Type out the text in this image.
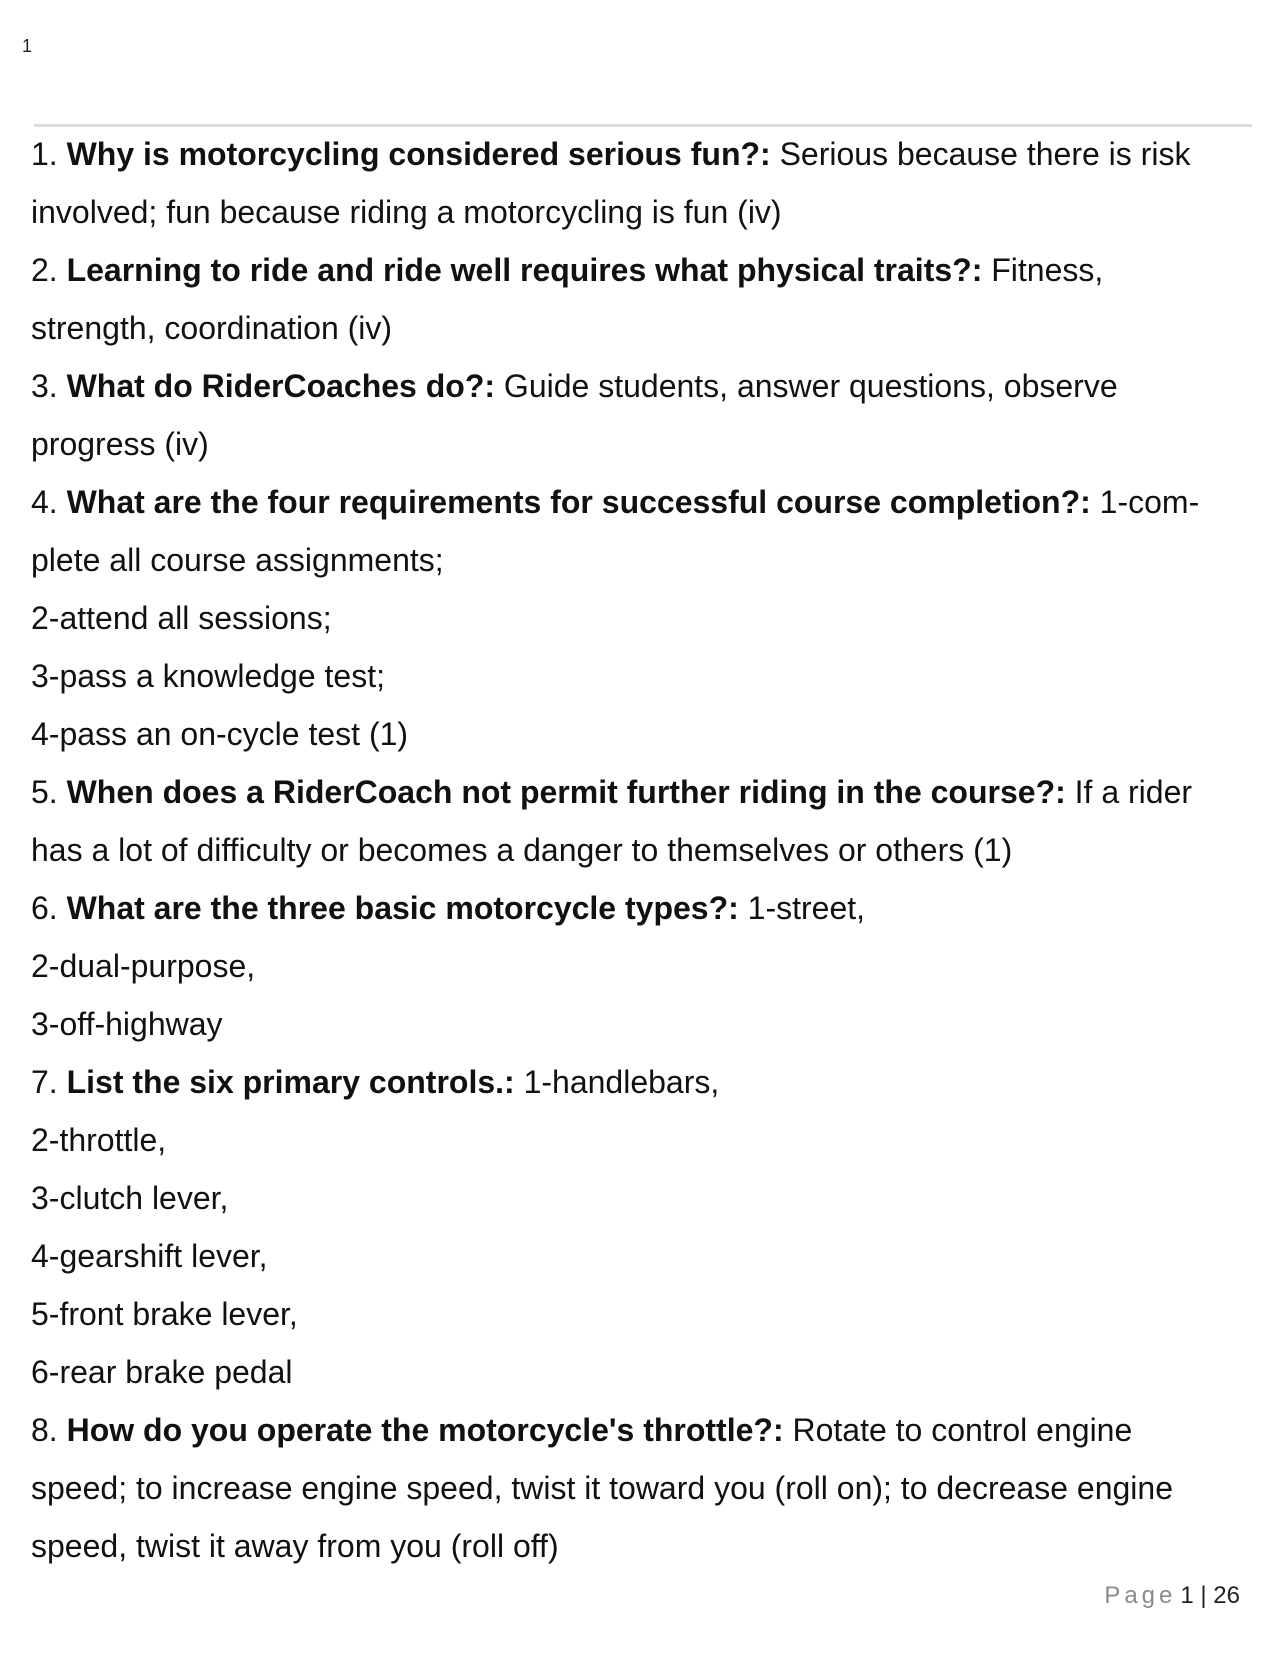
1

1. Why is motorcycling considered serious fun?: Serious because there is risk

involved; fun because riding a motorcycling is fun (iv)

2. Learning to ride and ride well requires what physical traits?: Fitness,

strength, coordination (iv)

3. What do RiderCoaches do?: Guide students, answer questions, observe

progress (iv)

4. What are the four requirements for successful course completion?: 1-com-

plete all course assignments;

2-attend all sessions;

3-pass a knowledge test;

4-pass an on-cycle test (1)

5. When does a RiderCoach not permit further riding in the course?: If a rider

has a lot of difficulty or becomes a danger to themselves or others (1)

6. What are the three basic motorcycle types?: 1-street,

2-dual-purpose,

3-off-highway

7. List the six primary controls.: 1-handlebars,

2-throttle,

3-clutch lever,

4-gearshift lever,

5-front brake lever,

6-rear brake pedal

8. How do you operate the motorcycle's throttle?: Rotate to control engine

speed; to increase engine speed, twist it toward you (roll on); to decrease engine

speed, twist it away from you (roll off)

Page 1 | 26
